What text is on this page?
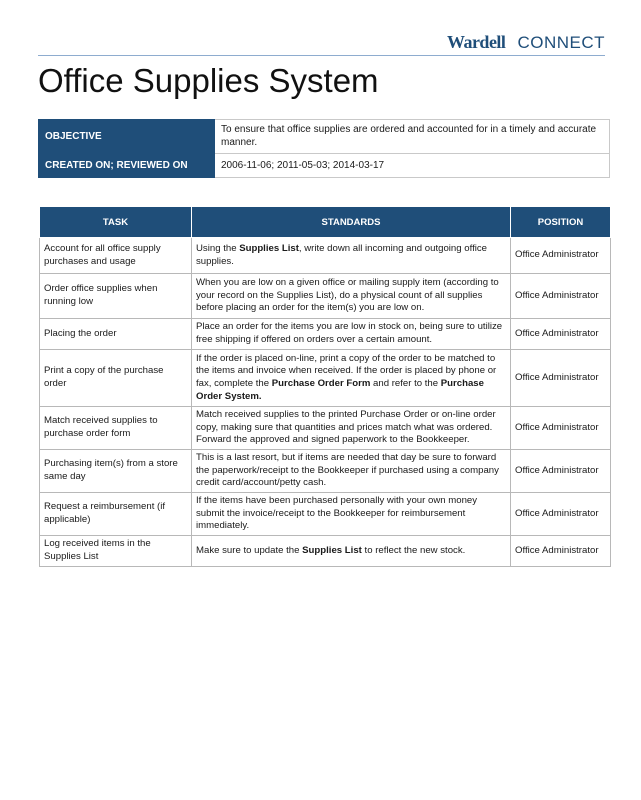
Wardell CONNECT
Office Supplies System
OBJECTIVE	To ensure that office supplies are ordered and accounted for in a timely and accurate manner.
CREATED ON; REVIEWED ON	2006-11-06; 2011-05-03; 2014-03-17
TASK	STANDARDS	POSITION
Account for all office supply purchases and usage	Using the Supplies List, write down all incoming and outgoing office supplies.	Office Administrator
Order office supplies when running low	When you are low on a given office or mailing supply item (according to your record on the Supplies List), do a physical count of all supplies before placing an order for the item(s) you are low on.	Office Administrator
Placing the order	Place an order for the items you are low in stock on, being sure to utilize free shipping if offered on orders over a certain amount.	Office Administrator
Print a copy of the purchase order	If the order is placed on-line, print a copy of the order to be matched to the items and invoice when received. If the order is placed by phone or fax, complete the Purchase Order Form and refer to the Purchase Order System.	Office Administrator
Match received supplies to purchase order form	Match received supplies to the printed Purchase Order or on-line order copy, making sure that quantities and prices match what was ordered. Forward the approved and signed paperwork to the Bookkeeper.	Office Administrator
Purchasing item(s) from a store same day	This is a last resort, but if items are needed that day be sure to forward the paperwork/receipt to the Bookkeeper if purchased using a company credit card/account/petty cash.	Office Administrator
Request a reimbursement (if applicable)	If the items have been purchased personally with your own money submit the invoice/receipt to the Bookkeeper for reimbursement immediately.	Office Administrator
Log received items in the Supplies List	Make sure to update the Supplies List to reflect the new stock.	Office Administrator
